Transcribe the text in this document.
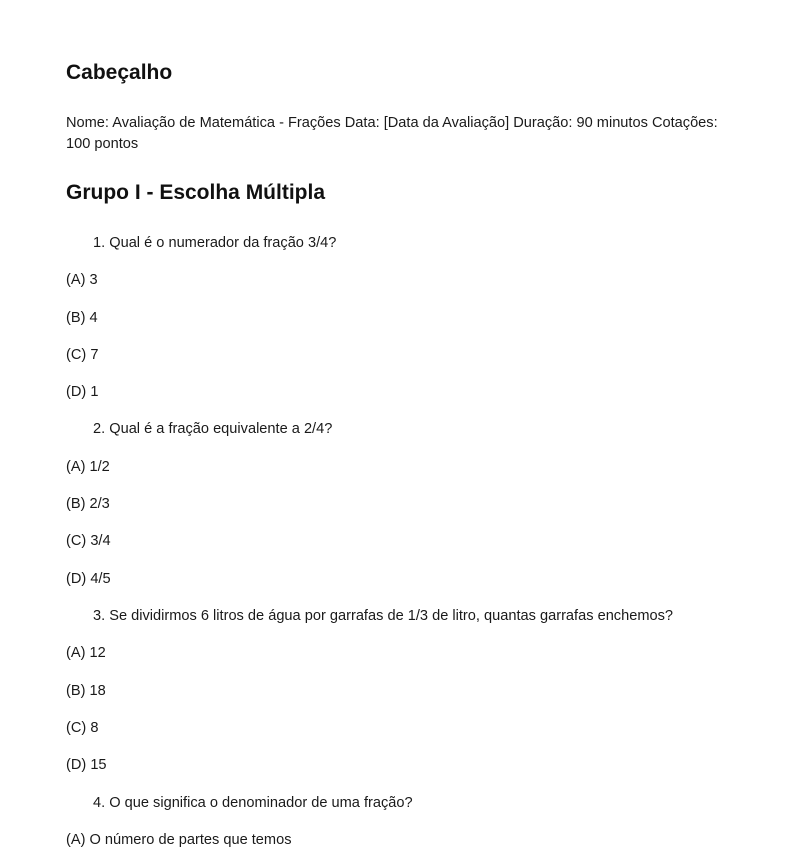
Cabeçalho

Nome: Avaliação de Matemática - Frações Data: [Data da Avaliação] Duração: 90 minutos Cotações: 100 pontos

Grupo I - Escolha Múltipla

1. Qual é o numerador da fração 3/4?

(A) 3

(B) 4

(C) 7

(D) 1

2. Qual é a fração equivalente a 2/4?

(A) 1/2

(B) 2/3

(C) 3/4

(D) 4/5

3. Se dividirmos 6 litros de água por garrafas de 1/3 de litro, quantas garrafas enchemos?

(A) 12

(B) 18

(C) 8

(D) 15

4. O que significa o denominador de uma fração?

(A) O número de partes que temos
